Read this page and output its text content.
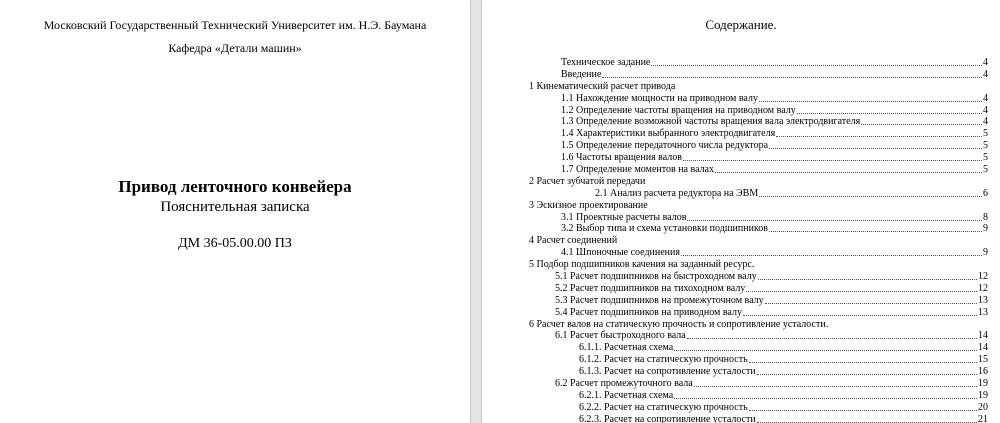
Московский Государственный Технический Университет им. Н.Э. Баумана
Кафедра «Детали машин»
Привод ленточного конвейера
Пояснительная записка
ДМ 36-05.00.00 ПЗ
Содержание.
Техническое задание	4
Введение	4
1 Кинематический расчет привода
1.1 Нахождение мощности на приводном валу	4
1.2 Определение частоты вращения на приводном валу	4
1.3 Определение возможной частоты вращения вала электродвигателя	4
1.4 Характеристики выбранного электродвигателя	5
1.5 Определение передаточного числа редуктора	5
1.6 Частоты вращения валов	5
1.7 Определение моментов на валах	5
2 Расчет зубчатой передачи
2.1 Анализ расчета редуктора на ЭВМ	6
3 Эскизное проектирование
3.1 Проектные расчеты валов	8
3.2 Выбор типа и схема установки подшипников	9
4 Расчет соединений
4.1 Шпоночные соединения	9
5 Подбор подшипников качения на заданный ресурс.
5.1 Расчет подшипников на быстроходном валу	12
5.2 Расчет подшипников на тихоходном валу	12
5.3 Расчет подшипников на промежуточном валу	13
5.4 Расчет подшипников на приводном валу	13
6 Расчет валов на статическую прочность и сопротивление усталости.
6.1 Расчет быстроходного вала	14
6.1.1. Расчетная схема	14
6.1.2. Расчет на статическую прочность	15
6.1.3. Расчет на сопротивление усталости	16
6.2 Расчет промежуточного вала	19
6.2.1. Расчетная схема	19
6.2.2. Расчет на статическую прочность	20
6.2.3. Расчет на сопротивление усталости	21
